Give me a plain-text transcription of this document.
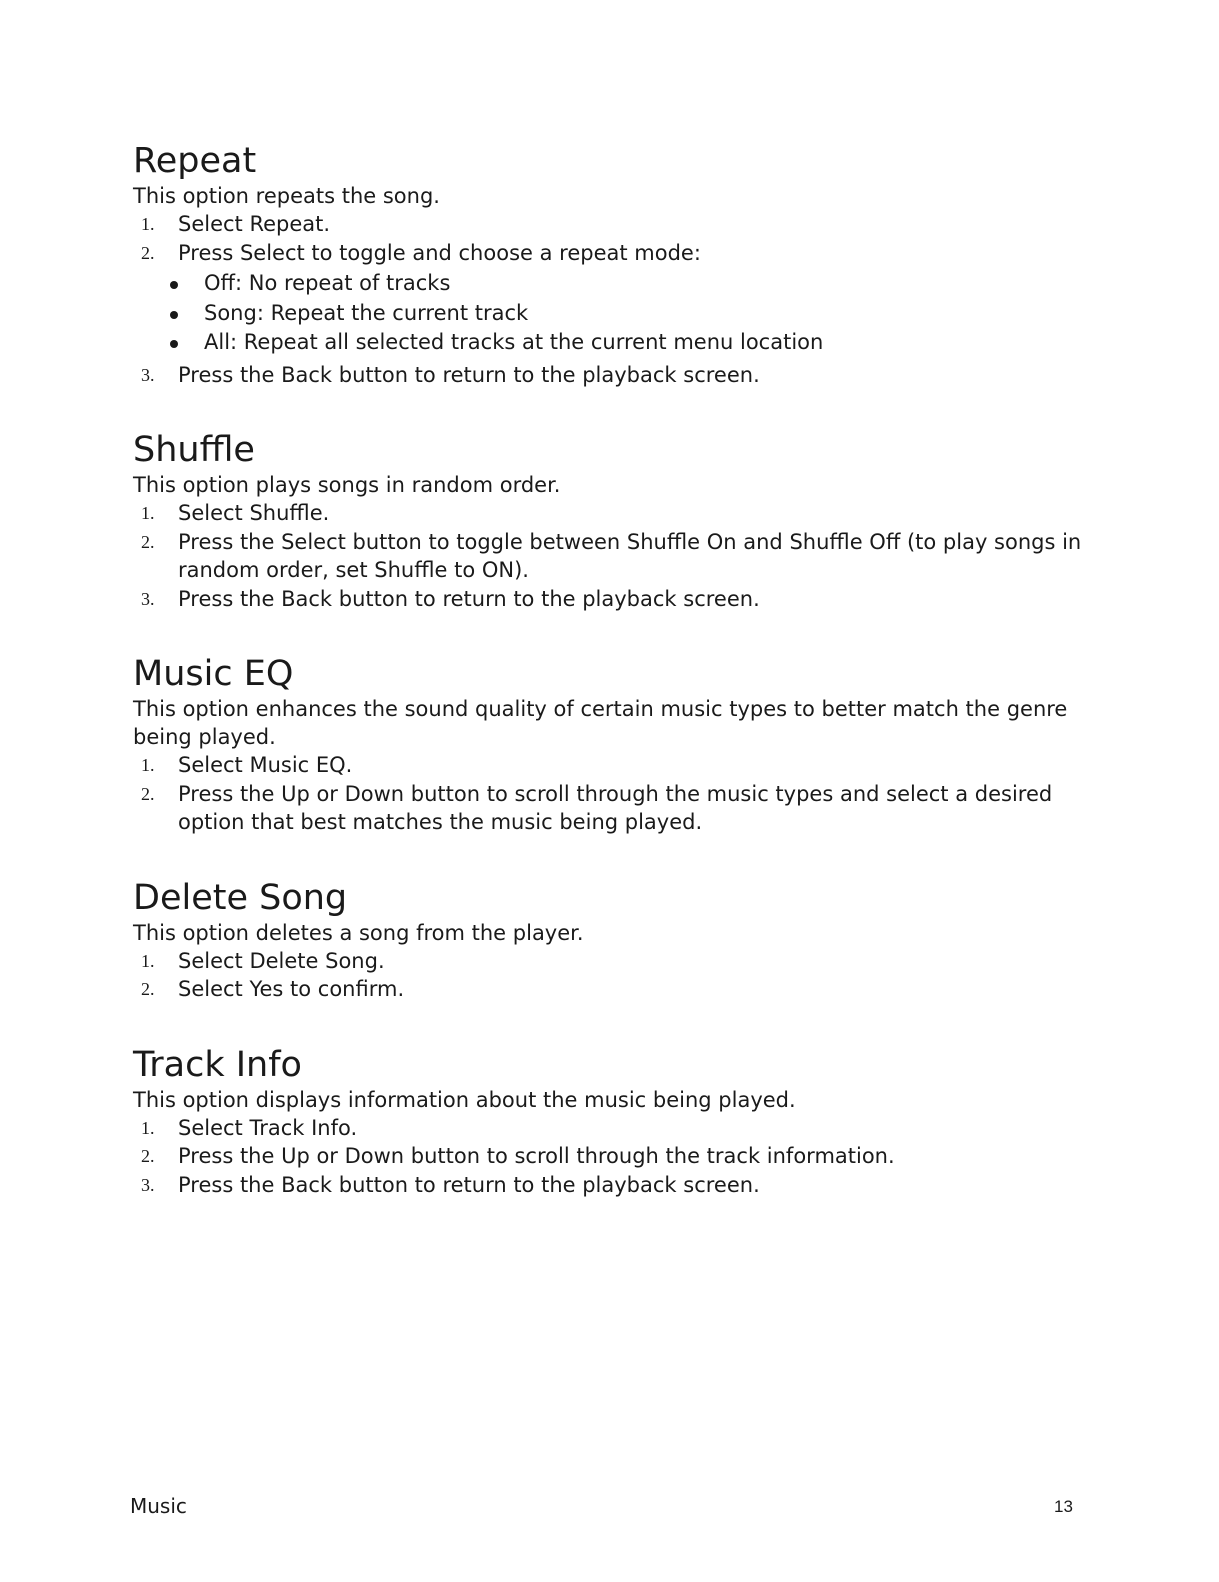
Repeat

This option repeats the song.

1.	Select Repeat.
2.	Press Select to toggle and choose a repeat mode:
Off: No repeat of tracks
Song: Repeat the current track
All: Repeat all selected tracks at the current menu location
3.	Press the Back button to return to the playback screen.
Shuffle

This option plays songs in random order.

1.	Select Shuffle.
2.	Press the Select button to toggle between Shuffle On and Shuffle Off (to play songs in random order, set Shuffle to ON).
3.	Press the Back button to return to the playback screen.
Music EQ

This option enhances the sound quality of certain music types to better match the genre being played.

1.	Select Music EQ.
2.	Press the Up or Down button to scroll through the music types and select a desired option that best matches the music being played.
Delete Song

This option deletes a song from the player.

1.	Select Delete Song.
2.	Select Yes to confirm.
Track Info

This option displays information about the music being played.

1.	Select Track Info.
2.	Press the Up or Down button to scroll through the track information.
3.	Press the Back button to return to the playback screen.
Music	13
